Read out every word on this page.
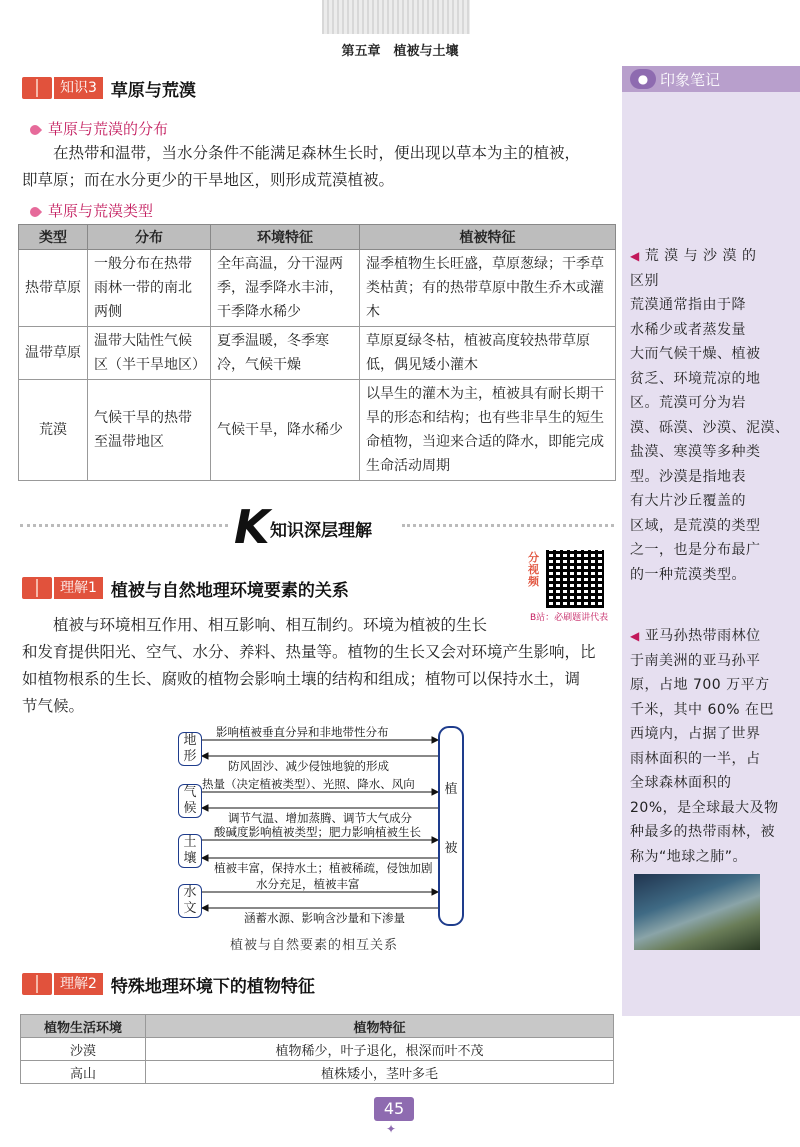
第五章　植被与土壤
● 印象笔记
◀ 荒 漠 与 沙 漠 的
区别
荒漠通常指由于降
水稀少或者蒸发量
大而气候干燥、植被
贫乏、环境荒凉的地
区。荒漠可分为岩
漠、砾漠、沙漠、泥漠、
盐漠、寒漠等多种类
型。沙漠是指地表
有大片沙丘覆盖的
区域，是荒漠的类型
之一，也是分布最广
的一种荒漠类型。
◀ 亚马孙热带雨林位
于南美洲的亚马孙平
原，占地 700 万平方
千米，其中 60% 在巴
西境内，占据了世界
雨林面积的一半，占
全球森林面积的
20%，是全球最大及物
种最多的热带雨林，被
称为“地球之肺”。
知识3 草原与荒漠
草原与荒漠的分布
在热带和温带，当水分条件不能满足森林生长时，便出现以草本为主的植被，
即草原；而在水分更少的干旱地区，则形成荒漠植被。
草原与荒漠类型
类型	分布	环境特征	植被特征
热带草原	一般分布在热带雨林一带的南北两侧	全年高温，分干湿两季，湿季降水丰沛，干季降水稀少	湿季植物生长旺盛，草原葱绿；干季草类枯黄；有的热带草原中散生乔木或灌木
温带草原	温带大陆性气候区（半干旱地区）	夏季温暖，冬季寒冷，气候干燥	草原夏绿冬枯，植被高度较热带草原低，偶见矮小灌木
荒漠	气候干旱的热带至温带地区	气候干旱，降水稀少	以旱生的灌木为主，植被具有耐长期干旱的形态和结构；也有些非旱生的短生命植物，当迎来合适的降水，即能完成生命活动周期
K 知识深层理解
理解1 植被与自然地理环境要素的关系
分视频
B站：必刷题讲代表
植被与环境相互作用、相互影响、相互制约。环境为植被的生长
和发育提供阳光、空气、水分、养料、热量等。植物的生长又会对环境产生影响，比
如植物根系的生长、腐败的植物会影响土壤的结构和组成；植物可以保持水土，调
节气候。
地
形
气
候
土
壤
水
文
植
被
影响植被垂直分异和非地带性分布
防风固沙、减少侵蚀地貌的形成
热量（决定植被类型）、光照、降水、风向
调节气温、增加蒸腾、调节大气成分
酸碱度影响植被类型；肥力影响植被生长
植被丰富，保持水土；植被稀疏，侵蚀加剧
水分充足，植被丰富
涵蓄水源、影响含沙量和下渗量
植被与自然要素的相互关系
理解2 特殊地理环境下的植物特征
植物生活环境	植物特征
沙漠	植物稀少，叶子退化，根深而叶不茂
高山	植株矮小，茎叶多毛
45
✦
